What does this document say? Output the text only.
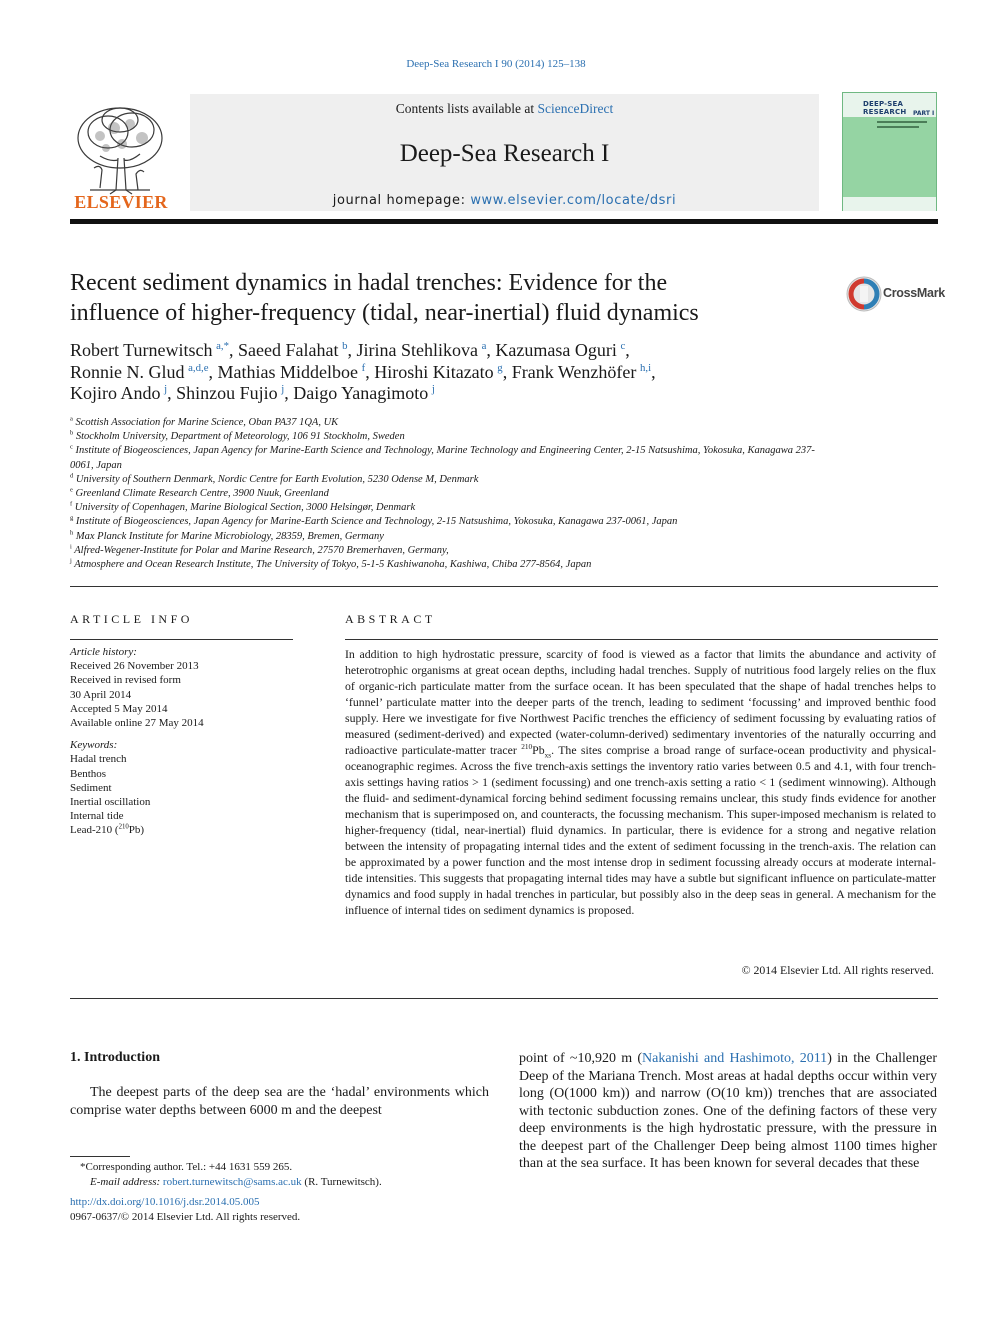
Deep-Sea Research I 90 (2014) 125–138
Contents lists available at ScienceDirect
Deep-Sea Research I
journal homepage: www.elsevier.com/locate/dsri
ELSEVIER
DEEP-SEA RESEARCH	PART I
Recent sediment dynamics in hadal trenches: Evidence for the
influence of higher-frequency (tidal, near-inertial) fluid dynamics
CrossMark
Robert Turnewitsch  $^{a,*}$, Saeed Falahat  $^b$, Jirina Stehlikova  $^a$, Kazumasa Oguri  $^c$,
Ronnie N. Glud  $^{a,d,e}$, Mathias Middelboe  $^f$, Hiroshi Kitazato  $^g$, Frank Wenzhöfer  $^{h,i}$,
Kojiro Ando  $^j$, Shinzou Fujio  $^j$, Daigo Yanagimoto  $^j$
$^a$ Scottish Association for Marine Science, Oban PA37 1QA, UK
$^b$ Stockholm University, Department of Meteorology, 106 91 Stockholm, Sweden
$^c$ Institute of Biogeosciences, Japan Agency for Marine-Earth Science and Technology, Marine Technology and Engineering Center, 2-15 Natsushima, Yokosuka, Kanagawa 237-0061, Japan
$^d$ University of Southern Denmark, Nordic Centre for Earth Evolution, 5230 Odense M, Denmark
$^e$ Greenland Climate Research Centre, 3900 Nuuk, Greenland
$^f$ University of Copenhagen, Marine Biological Section, 3000 Helsingør, Denmark
$^g$ Institute of Biogeosciences, Japan Agency for Marine-Earth Science and Technology, 2-15 Natsushima, Yokosuka, Kanagawa 237-0061, Japan
$^h$ Max Planck Institute for Marine Microbiology, 28359, Bremen, Germany
$^i$ Alfred-Wegener-Institute for Polar and Marine Research, 27570 Bremerhaven, Germany,
$^j$ Atmosphere and Ocean Research Institute, The University of Tokyo, 5-1-5 Kashiwanoha, Kashiwa, Chiba 277-8564, Japan
ARTICLE INFO
Article history:
Received 26 November 2013
Received in revised form
30 April 2014
Accepted 5 May 2014
Available online 27 May 2014
Keywords:
Hadal trench
Benthos
Sediment
Inertial oscillation
Internal tide
Lead-210 ($^{210}$Pb)
ABSTRACT
In addition to high hydrostatic pressure, scarcity of food is viewed as a factor that limits the abundance and activity of heterotrophic organisms at great ocean depths, including hadal trenches. Supply of nutritious food largely relies on the flux of organic-rich particulate matter from the surface ocean. It has been speculated that the shape of hadal trenches helps to ‘funnel’ particulate matter into the deeper parts of the trench, leading to sediment ‘focussing’ and improved benthic food supply. Here we investigate for five Northwest Pacific trenches the efficiency of sediment focussing by evaluating ratios of measured (sediment-derived) and expected (water-column-derived) sedimentary inventories of the naturally occurring and radioactive particulate-matter tracer $^{210}Pb_{xs}$. The sites comprise a broad range of surface-ocean productivity and physical-oceanographic regimes. Across the five trench-axis settings the inventory ratio varies between 0.5 and 4.1, with four trench-axis settings having ratios > 1 (sediment focussing) and one trench-axis setting a ratio < 1 (sediment winnowing). Although the fluid- and sediment-dynamical forcing behind sediment focussing remains unclear, this study finds evidence for another mechanism that is superimposed on, and counteracts, the focussing mechanism. This super-imposed mechanism is related to higher-frequency (tidal, near-inertial) fluid dynamics. In particular, there is evidence for a strong and negative relation between the intensity of propagating internal tides and the extent of sediment focussing in the trench-axis. The relation can be approximated by a power function and the most intense drop in sediment focussing already occurs at moderate internal-tide intensities. This suggests that propagating internal tides may have a subtle but significant influence on particulate-matter dynamics and food supply in hadal trenches in particular, but possibly also in the deep seas in general. A mechanism for the influence of internal tides on sediment dynamics is proposed.
© 2014 Elsevier Ltd. All rights reserved.
1. Introduction
The deepest parts of the deep sea are the ‘hadal’ environments which comprise water depths between 6000 m and the deepest
point of ~10,920 m (Nakanishi and Hashimoto, 2011) in the Challenger Deep of the Mariana Trench. Most areas at hadal depths occur within very long (O(1000 km)) and narrow (O(10 km)) trenches that are associated with tectonic subduction zones. One of the defining factors of these very deep environments is the high hydrostatic pressure, with the pressure in the deepest part of the Challenger Deep being almost 1100 times higher than at the sea surface. It has been known for several decades that these
*Corresponding author. Tel.: +44 1631 559 265.
E-mail address: robert.turnewitsch@sams.ac.uk (R. Turnewitsch).
http://dx.doi.org/10.1016/j.dsr.2014.05.005
0967-0637/© 2014 Elsevier Ltd. All rights reserved.
